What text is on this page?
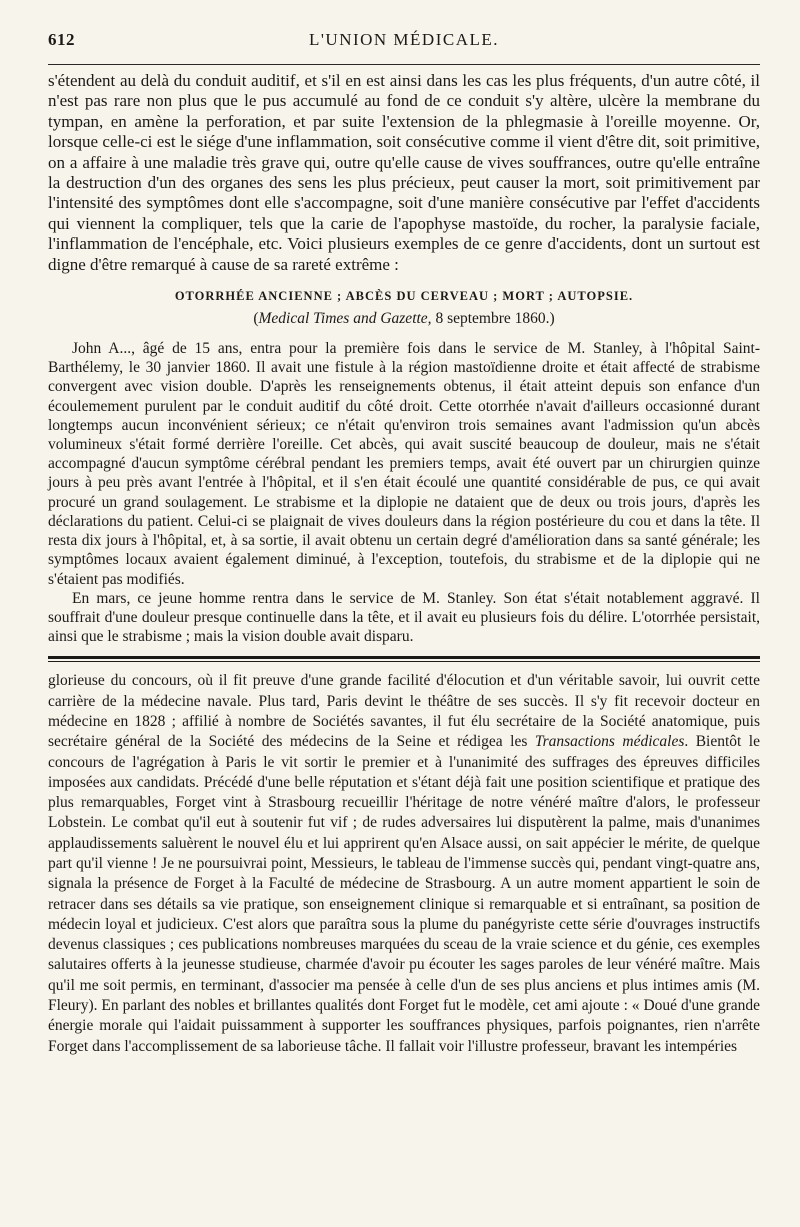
612	L'UNION MÉDICALE.

s'étendent au delà du conduit auditif, et s'il en est ainsi dans les cas les plus fréquents, d'un autre côté, il n'est pas rare non plus que le pus accumulé au fond de ce conduit s'y altère, ulcère la membrane du tympan, en amène la perforation, et par suite l'extension de la phlegmasie à l'oreille moyenne. Or, lorsque celle-ci est le siége d'une inflammation, soit consécutive comme il vient d'être dit, soit primitive, on a affaire à une maladie très grave qui, outre qu'elle cause de vives souffrances, outre qu'elle entraîne la destruction d'un des organes des sens les plus précieux, peut causer la mort, soit primitivement par l'intensité des symptômes dont elle s'accompagne, soit d'une manière consécutive par l'effet d'accidents qui viennent la compliquer, tels que la carie de l'apophyse mastoïde, du rocher, la paralysie faciale, l'inflammation de l'encéphale, etc. Voici plusieurs exemples de ce genre d'accidents, dont un surtout est digne d'être remarqué à cause de sa rareté extrême :

OTORRHÉE ANCIENNE ; ABCÈS DU CERVEAU ; MORT ; AUTOPSIE.
(Medical Times and Gazette, 8 septembre 1860.)

John A..., âgé de 15 ans, entra pour la première fois dans le service de M. Stanley, à l'hôpital Saint-Barthélemy, le 30 janvier 1860. Il avait une fistule à la région mastoïdienne droite et était affecté de strabisme convergent avec vision double. D'après les renseignements obtenus, il était atteint depuis son enfance d'un écoulemement purulent par le conduit auditif du côté droit. Cette otorrhée n'avait d'ailleurs occasionné durant longtemps aucun inconvénient sérieux; ce n'était qu'environ trois semaines avant l'admission qu'un abcès volumineux s'était formé derrière l'oreille. Cet abcès, qui avait suscité beaucoup de douleur, mais ne s'était accompagné d'aucun symptôme cérébral pendant les premiers temps, avait été ouvert par un chirurgien quinze jours à peu près avant l'entrée à l'hôpital, et il s'en était écoulé une quantité considérable de pus, ce qui avait procuré un grand soulagement. Le strabisme et la diplopie ne dataient que de deux ou trois jours, d'après les déclarations du patient. Celui-ci se plaignait de vives douleurs dans la région postérieure du cou et dans la tête. Il resta dix jours à l'hôpital, et, à sa sortie, il avait obtenu un certain degré d'amélioration dans sa santé générale; les symptômes locaux avaient également diminué, à l'exception, toutefois, du strabisme et de la diplopie qui ne s'étaient pas modifiés.

En mars, ce jeune homme rentra dans le service de M. Stanley. Son état s'était notablement aggravé. Il souffrait d'une douleur presque continuelle dans la tête, et il avait eu plusieurs fois du délire. L'otorrhée persistait, ainsi que le strabisme ; mais la vision double avait disparu.

glorieuse du concours, où il fit preuve d'une grande facilité d'élocution et d'un véritable savoir, lui ouvrit cette carrière de la médecine navale. Plus tard, Paris devint le théâtre de ses succès. Il s'y fit recevoir docteur en médecine en 1828 ; affilié à nombre de Sociétés savantes, il fut élu secrétaire de la Société anatomique, puis secrétaire général de la Société des médecins de la Seine et rédigea les Transactions médicales. Bientôt le concours de l'agrégation à Paris le vit sortir le premier et à l'unanimité des suffrages des épreuves difficiles imposées aux candidats. Précédé d'une belle réputation et s'étant déjà fait une position scientifique et pratique des plus remarquables, Forget vint à Strasbourg recueillir l'héritage de notre vénéré maître d'alors, le professeur Lobstein. Le combat qu'il eut à soutenir fut vif ; de rudes adversaires lui disputèrent la palme, mais d'unanimes applaudissements saluèrent le nouvel élu et lui apprirent qu'en Alsace aussi, on sait appécier le mérite, de quelque part qu'il vienne ! Je ne poursuivrai point, Messieurs, le tableau de l'immense succès qui, pendant vingt-quatre ans, signala la présence de Forget à la Faculté de médecine de Strasbourg. A un autre moment appartient le soin de retracer dans ses détails sa vie pratique, son enseignement clinique si remarquable et si entraînant, sa position de médecin loyal et judicieux. C'est alors que paraîtra sous la plume du panégyriste cette série d'ouvrages instructifs devenus classiques ; ces publications nombreuses marquées du sceau de la vraie science et du génie, ces exemples salutaires offerts à la jeunesse studieuse, charmée d'avoir pu écouter les sages paroles de leur vénéré maître. Mais qu'il me soit permis, en terminant, d'associer ma pensée à celle d'un de ses plus anciens et plus intimes amis (M. Fleury). En parlant des nobles et brillantes qualités dont Forget fut le modèle, cet ami ajoute : « Doué d'une grande énergie morale qui l'aidait puissamment à supporter les souffrances physiques, parfois poignantes, rien n'arrête Forget dans l'accomplissement de sa laborieuse tâche. Il fallait voir l'illustre professeur, bravant les intempéries
